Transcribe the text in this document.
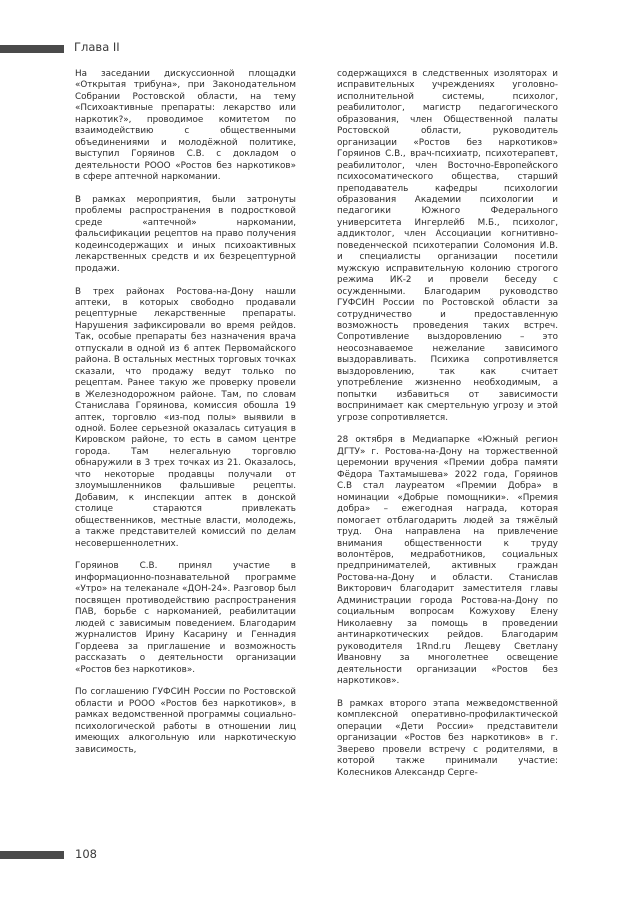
Глава II

На заседании дискуссионной площадки «Открытая трибуна», при Законодательном Собрании Ростовской области, на тему «Психоактивные препараты: лекарство или наркотик?», проводимое комитетом по взаимодействию с общественными объединениями и молодёжной политике, выступил Горяинов С.В. с докладом о деятельности РООО «Ростов без наркотиков» в сфере аптечной наркомании.

В рамках мероприятия, были затронуты проблемы распространения в подростковой среде «аптечной» наркомании, фальсификации рецептов на право получения кодеинсодержащих и иных психоактивных лекарственных средств и их безрецептурной продажи.

В трех районах Ростова-на-Дону нашли аптеки, в которых свободно продавали рецептурные лекарственные препараты. Нарушения зафиксировали во время рейдов. Так, особые препараты без назначения врача отпускали в одной из 6 аптек Первомайского района. В остальных местных торговых точках сказали, что продажу ведут только по рецептам. Ранее такую же проверку провели в Железнодорожном районе. Там, по словам Станислава Горяинова, комиссия обошла 19 аптек, торговлю «из-под полы» выявили в одной. Более серьезной оказалась ситуация в Кировском районе, то есть в самом центре города. Там нелегальную торговлю обнаружили в 3 трех точках из 21. Оказалось, что некоторые продавцы получали от злоумышленников фальшивые рецепты. Добавим, к инспекции аптек в донской столице стараются привлекать общественников, местные власти, молодежь, а также представителей комиссий по делам несовершеннолетних.

Горяинов С.В. принял участие в информационно-познавательной программе «Утро» на телеканале «ДОН-24». Разговор был посвящен противодействию распространения ПАВ, борьбе с наркоманией, реабилитации людей с зависимым поведением. Благодарим журналистов Ирину Касарину и Геннадия Гордеева за приглашение и возможность рассказать о деятельности организации «Ростов без наркотиков».

По соглашению ГУФСИН России по Ростовской области и РООО «Ростов без наркотиков», в рамках ведомственной программы социально-психологической работы в отношении лиц имеющих алкогольную или наркотическую зависимость,

содержащихся в следственных изоляторах и исправительных учреждениях уголовно-исполнительной системы, психолог, реабилитолог, магистр педагогического образования, член Общественной палаты Ростовской области, руководитель организации «Ростов без наркотиков» Горяинов С.В., врач-психиатр, психотерапевт, реабилитолог, член Восточно-Европейского психосоматического общества, старший преподаватель кафедры психологии образования Академии психологии и педагогики Южного Федерального университета Ингерлейб М.Б., психолог, аддиктолог, член Ассоциации когнитивно-поведенческой психотерапии Соломония И.В. и специалисты организации посетили мужскую исправительную колонию строгого режима ИК-2 и провели беседу с осужденными. Благодарим руководство ГУФСИН России по Ростовской области за сотрудничество и предоставленную возможность проведения таких встреч. Сопротивление выздоровлению – это неосознаваемое нежелание зависимого выздоравливать. Психика сопротивляется выздоровлению, так как считает употребление жизненно необходимым, а попытки избавиться от зависимости воспринимает как смертельную угрозу и этой угрозе сопротивляется.

28 октября в Медиапарке «Южный регион ДГТУ» г. Ростова-на-Дону на торжественной церемонии вручения «Премии добра памяти Фёдора Тахтамышева» 2022 года, Горяинов С.В стал лауреатом «Премии Добра» в номинации «Добрые помощники». «Премия добра» – ежегодная награда, которая помогает отблагодарить людей за тяжёлый труд. Она направлена на привлечение внимания общественности к труду волонтёров, медработников, социальных предпринимателей, активных граждан Ростова-на-Дону и области. Станислав Викторович благодарит заместителя главы Администрации города Ростова-на-Дону по социальным вопросам Кожухову Елену Николаевну за помощь в проведении антинаркотических рейдов. Благодарим руководителя 1Rnd.ru Лещеву Светлану Ивановну за многолетнее освещение деятельности организации «Ростов без наркотиков».

В рамках второго этапа межведомственной комплексной оперативно-профилактической операции «Дети России» представители организации «Ростов без наркотиков» в г. Зверево провели встречу с родителями, в которой также принимали участие: Колесников Александр Серге-

108
